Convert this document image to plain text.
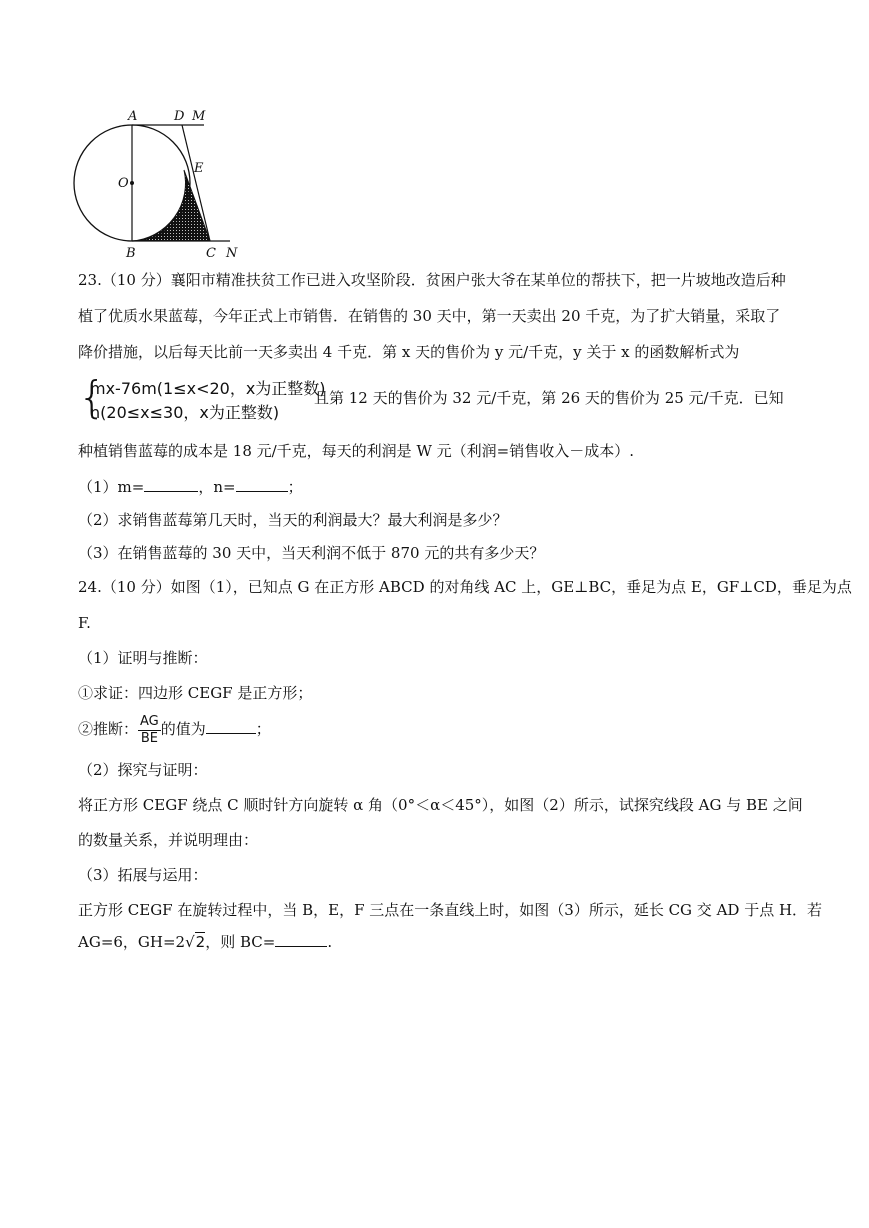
A	D M
O
E
B	C N
23.（10 分）襄阳市精准扶贫工作已进入攻坚阶段．贫困户张大爷在某单位的帮扶下，把一片坡地改造后种
植了优质水果蓝莓，今年正式上市销售．在销售的 30 天中，第一天卖出 20 千克，为了扩大销量，采取了
降价措施，以后每天比前一天多卖出 4 千克．第 x 天的售价为 y 元/千克，y 关于 x 的函数解析式为
{
mx-76m(1≤x<20，x为正整数)
n(20≤x≤30，x为正整数)
且第 12 天的售价为 32 元/千克，第 26 天的售价为 25 元/千克．已知
种植销售蓝莓的成本是 18 元/千克，每天的利润是 W 元（利润=销售收入－成本）.
（1）m=	，n=	；
（2）求销售蓝莓第几天时，当天的利润最大？最大利润是多少？
（3）在销售蓝莓的 30 天中，当天利润不低于 870 元的共有多少天？
24.（10 分）如图（1），已知点 G 在正方形 ABCD 的对角线 AC 上，GE⊥BC，垂足为点 E，GF⊥CD，垂足为点
F.
（1）证明与推断：
①求证：四边形 CEGF 是正方形；
②推断： $\frac{AG}{BE}$ 的值为	；
（2）探究与证明：
将正方形 CEGF 绕点 C 顺时针方向旋转 α 角（0°＜α＜45°），如图（2）所示，试探究线段 AG 与 BE 之间
的数量关系，并说明理由：
（3）拓展与运用：
正方形 CEGF 在旋转过程中，当 B，E，F 三点在一条直线上时，如图（3）所示，延长 CG 交 AD 于点 H．若
AG=6，GH=2√2，则 BC=	.
